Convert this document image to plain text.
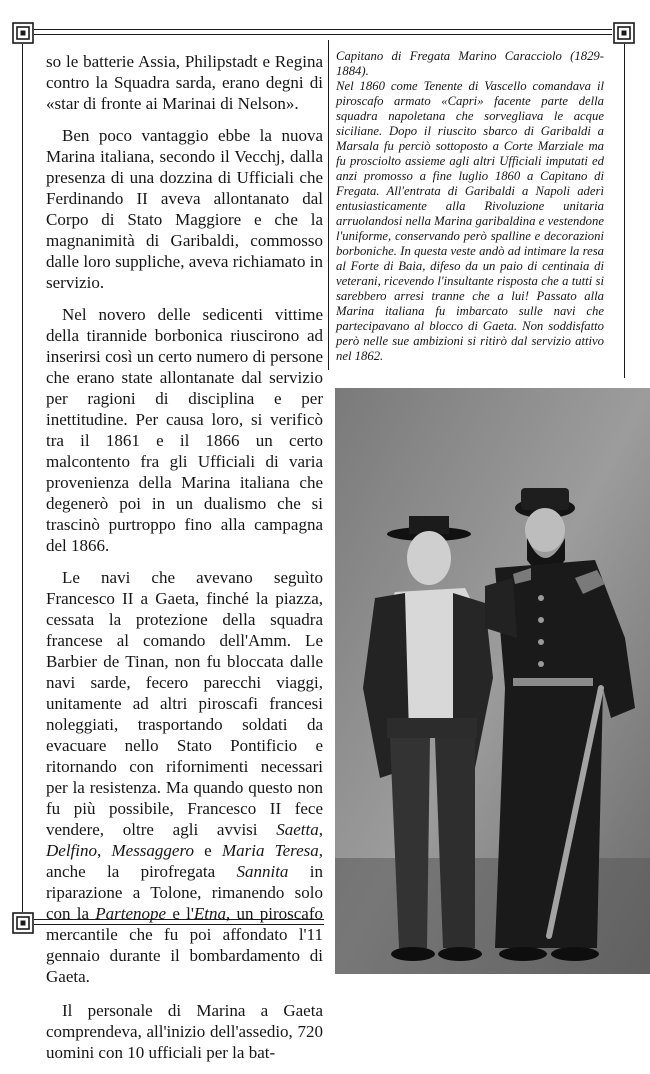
so le batterie Assia, Philipstadt e Regina contro la Squadra sarda, erano degni di «star di fronte ai Marinai di Nelson».

Ben poco vantaggio ebbe la nuova Marina italiana, secondo il Vecchj, dalla presenza di una dozzina di Ufficiali che Ferdinando II aveva allontanato dal Corpo di Stato Maggiore e che la magnanimità di Garibaldi, commosso dalle loro suppliche, aveva richiamato in servizio.

Nel novero delle sedicenti vittime della tirannide borbonica riuscirono ad inserirsi così un certo numero di persone che erano state allontanate dal servizio per ragioni di disciplina e per inettitudine. Per causa loro, si verificò tra il 1861 e il 1866 un certo malcontento fra gli Ufficiali di varia provenienza della Marina italiana che degenerò poi in un dualismo che si trascinò purtroppo fino alla campagna del 1866.

Le navi che avevano seguìto Francesco II a Gaeta, finché la piazza, cessata la protezione della squadra francese al comando dell'Amm. Le Barbier de Tinan, non fu bloccata dalle navi sarde, fecero parecchi viaggi, unitamente ad altri piroscafi francesi noleggiati, trasportando soldati da evacuare nello Stato Pontificio e ritornando con rifornimenti necessari per la resistenza. Ma quando questo non fu più possibile, Francesco II fece vendere, oltre agli avvisi Saetta, Delfino, Messaggero e Maria Teresa, anche la pirofregata Sannita in riparazione a Tolone, rimanendo solo con la Partenope e l'Etna, un piroscafo mercantile che fu poi affondato l'11 gennaio durante il bombardamento di Gaeta.

Il personale di Marina a Gaeta comprendeva, all'inizio dell'assedio, 720 uomini con 10 ufficiali per la bat-

Capitano di Fregata Marino Caracciolo (1829-1884).

Nel 1860 come Tenente di Vascello comandava il piroscafo armato «Capri» facente parte della squadra napoletana che sorvegliava le acque siciliane. Dopo il riuscito sbarco di Garibaldi a Marsala fu perciò sottoposto a Corte Marziale ma fu prosciolto assieme agli altri Ufficiali imputati ed anzi promosso a fine luglio 1860 a Capitano di Fregata. All'entrata di Garibaldi a Napoli aderì entusiasticamente alla Rivoluzione unitaria arruolandosi nella Marina garibaldina e vestendone l'uniforme, conservando però spalline e decorazioni borboniche. In questa veste andò ad intimare la resa al Forte di Baia, difeso da un paio di centinaia di veterani, ricevendo l'insultante risposta che a tutti si sarebbero arresi tranne che a lui! Passato alla Marina italiana fu imbarcato sulle navi che partecipavano al blocco di Gaeta. Non soddisfatto però nelle sue ambizioni si ritirò dal servizio attivo nel 1862.
